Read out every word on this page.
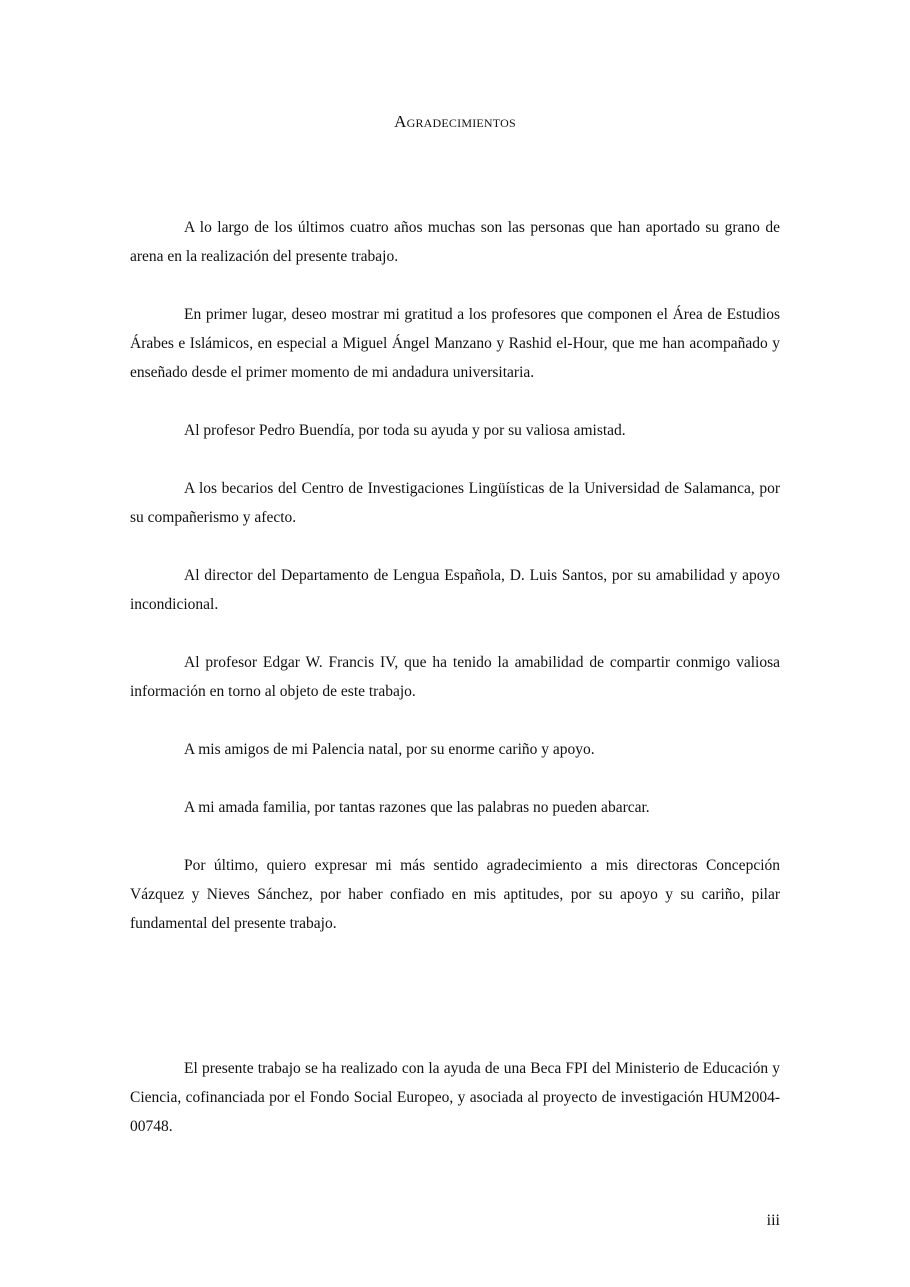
Agradecimientos

A lo largo de los últimos cuatro años muchas son las personas que han aportado su grano de arena en la realización del presente trabajo.

En primer lugar, deseo mostrar mi gratitud a los profesores que componen el Área de Estudios Árabes e Islámicos, en especial a Miguel Ángel Manzano y Rashid el-Hour, que me han acompañado y enseñado desde el primer momento de mi andadura universitaria.

Al profesor Pedro Buendía, por toda su ayuda y por su valiosa amistad.

A los becarios del Centro de Investigaciones Lingüísticas de la Universidad de Salamanca, por su compañerismo y afecto.

Al director del Departamento de Lengua Española, D. Luis Santos, por su amabilidad y apoyo incondicional.

Al profesor Edgar W. Francis IV, que ha tenido la amabilidad de compartir conmigo valiosa información en torno al objeto de este trabajo.

A mis amigos de mi Palencia natal, por su enorme cariño y apoyo.

A mi amada familia, por tantas razones que las palabras no pueden abarcar.

Por último, quiero expresar mi más sentido agradecimiento a mis directoras Concepción Vázquez y Nieves Sánchez, por haber confiado en mis aptitudes, por su apoyo y su cariño, pilar fundamental del presente trabajo.

El presente trabajo se ha realizado con la ayuda de una Beca FPI del Ministerio de Educación y Ciencia, cofinanciada por el Fondo Social Europeo, y asociada al proyecto de investigación HUM2004-00748.

iii
